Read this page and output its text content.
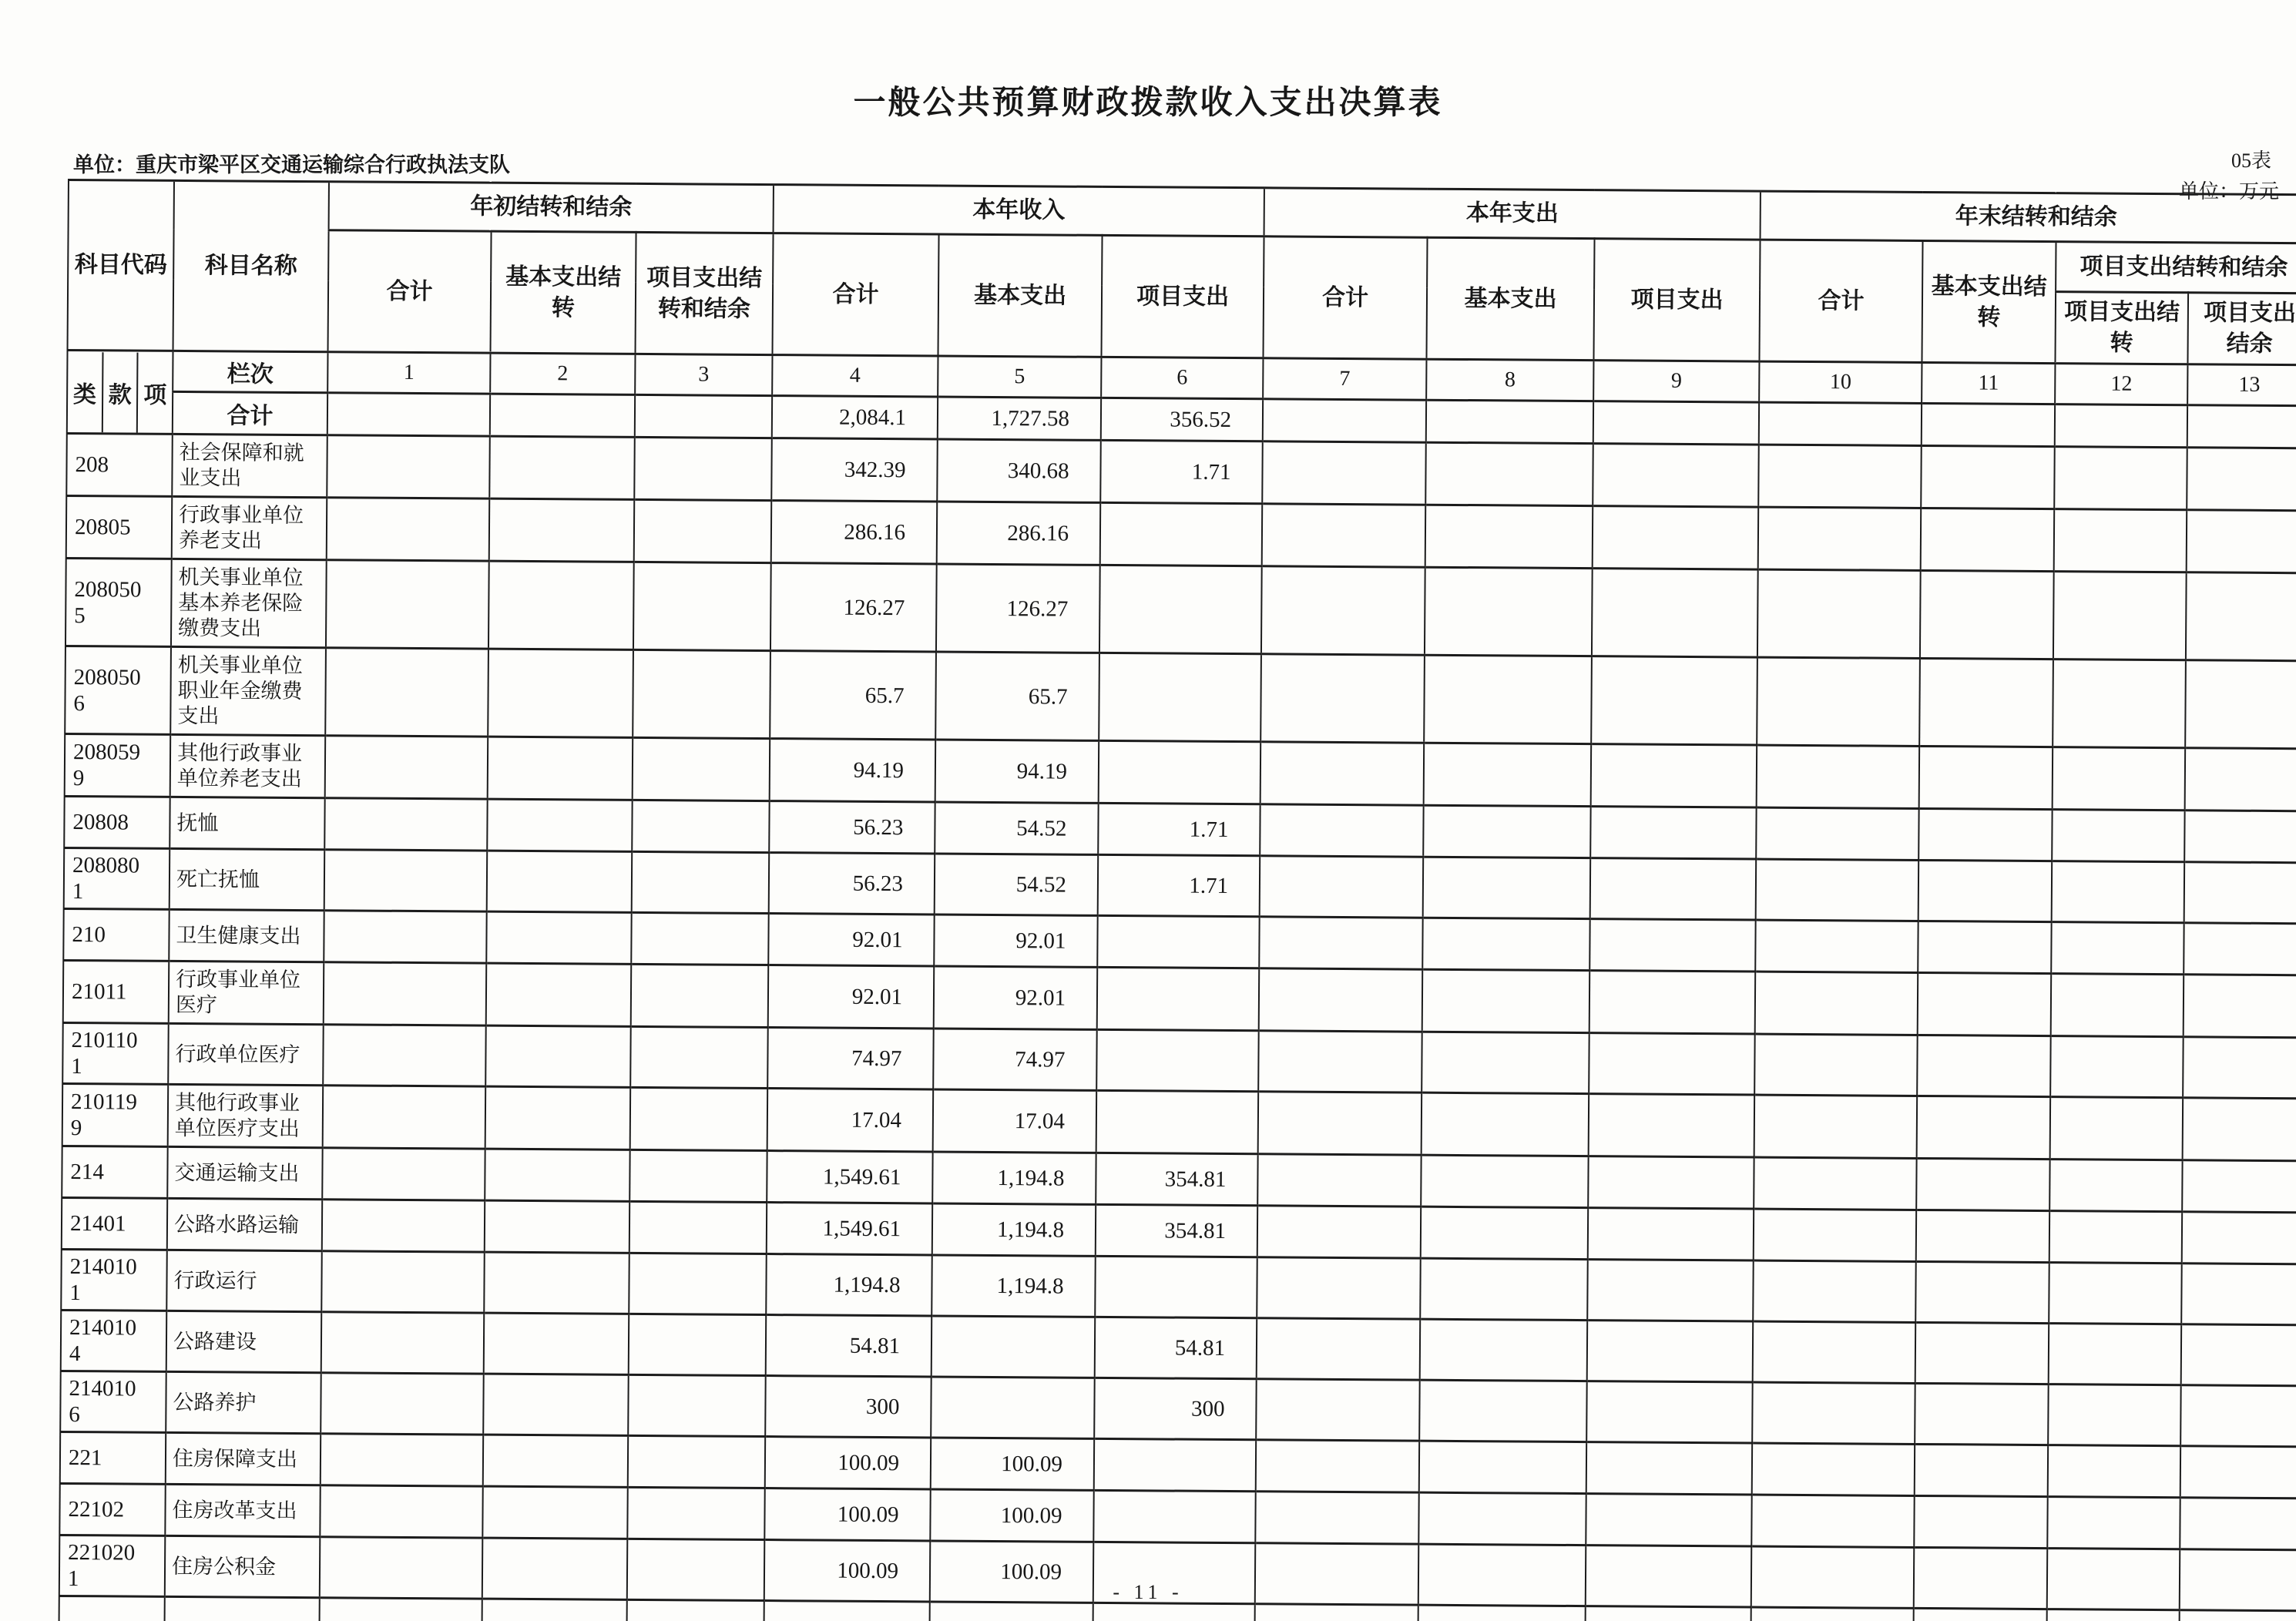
一般公共预算财政拨款收入支出决算表
单位：重庆市梁平区交通运输综合行政执法支队	05表
单位：万元
科目代码	科目名称	年初结转和结余			本年收入			本年支出			年末结转和结余			
		合计	基本支出结转	项目支出结转和结余	合计	基本支出	项目支出	合计	基本支出	项目支出	合计	基本支出结转	项目支出结转和结余	
													项目支出结转	项目支出结余

类 款 项	栏次	1	2	3	4	5	6	7	8	9	10	11	12	13
	合计				2,084.1	1,727.58	356.52							
208	社会保障和就业支出				342.39	340.68	1.71							
20805	行政事业单位养老支出				286.16	286.16								
2080505	机关事业单位基本养老保险缴费支出				126.27	126.27								
2080506	机关事业单位职业年金缴费支出				65.7	65.7								
2080599	其他行政事业单位养老支出				94.19	94.19								
20808	抚恤				56.23	54.52	1.71							
2080801	死亡抚恤				56.23	54.52	1.71							
210	卫生健康支出				92.01	92.01								
21011	行政事业单位医疗				92.01	92.01								
2101101	行政单位医疗				74.97	74.97								
2101199	其他行政事业单位医疗支出				17.04	17.04								
214	交通运输支出				1,549.61	1,194.8	354.81							
21401	公路水路运输				1,549.61	1,194.8	354.81							
2140101	行政运行				1,194.8	1,194.8								
2140104	公路建设				54.81		54.81							
2140106	公路养护				300		300							
221	住房保障支出				100.09	100.09								
22102	住房改革支出				100.09	100.09								
2210201	住房公积金				100.09	100.09								

- 11 -
